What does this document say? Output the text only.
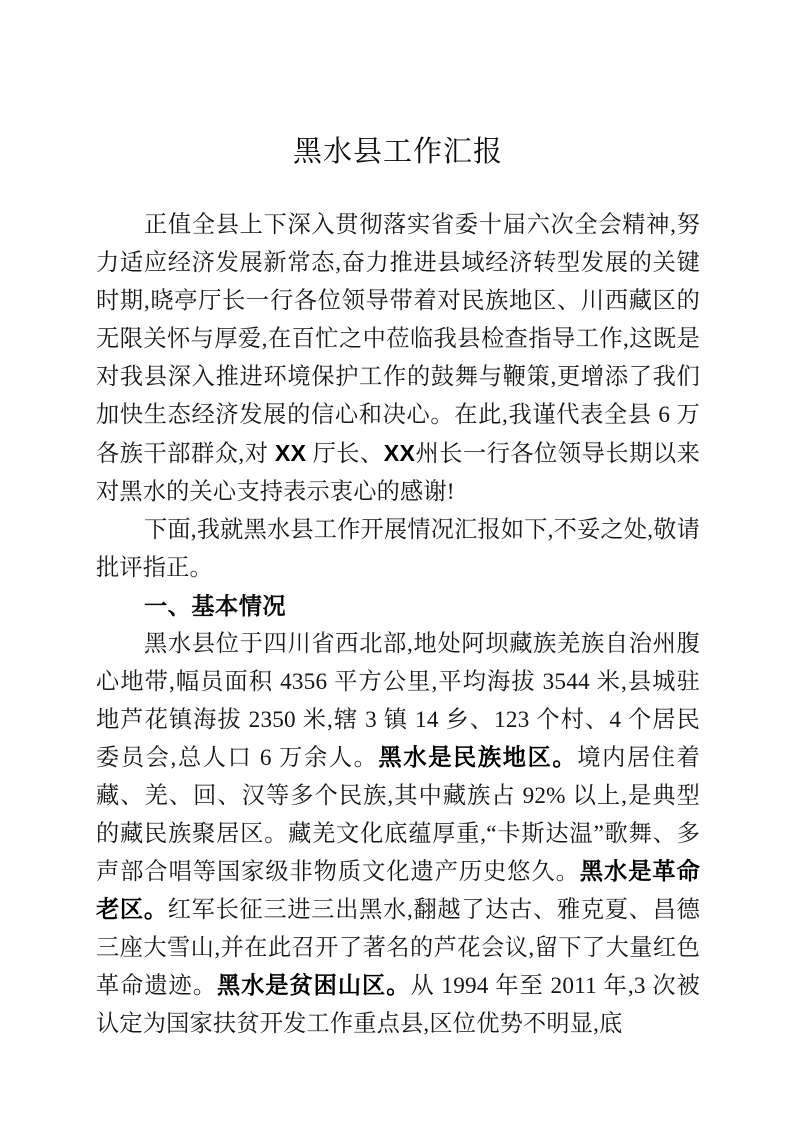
黑水县工作汇报

正值全县上下深入贯彻落实省委十届六次全会精神,努力适应经济发展新常态,奋力推进县域经济转型发展的关键时期,晓亭厅长一行各位领导带着对民族地区、川西藏区的无限关怀与厚爱,在百忙之中莅临我县检查指导工作,这既是对我县深入推进环境保护工作的鼓舞与鞭策,更增添了我们加快生态经济发展的信心和决心。在此,我谨代表全县 6 万各族干部群众,对 XX 厅长、XX州长一行各位领导长期以来对黑水的关心支持表示衷心的感谢!

下面,我就黑水县工作开展情况汇报如下,不妥之处,敬请批评指正。

一、基本情况

黑水县位于四川省西北部,地处阿坝藏族羌族自治州腹心地带,幅员面积 4356 平方公里,平均海拔 3544 米,县城驻地芦花镇海拔 2350 米,辖 3 镇 14 乡、123 个村、4 个居民委员会,总人口 6 万余人。黑水是民族地区。境内居住着藏、羌、回、汉等多个民族,其中藏族占 92% 以上,是典型的藏民族聚居区。藏羌文化底蕴厚重,“卡斯达温”歌舞、多声部合唱等国家级非物质文化遗产历史悠久。黑水是革命老区。红军长征三进三出黑水,翻越了达古、雅克夏、昌德三座大雪山,并在此召开了著名的芦花会议,留下了大量红色革命遗迹。黑水是贫困山区。从 1994 年至 2011 年,3 次被认定为国家扶贫开发工作重点县,区位优势不明显,底
